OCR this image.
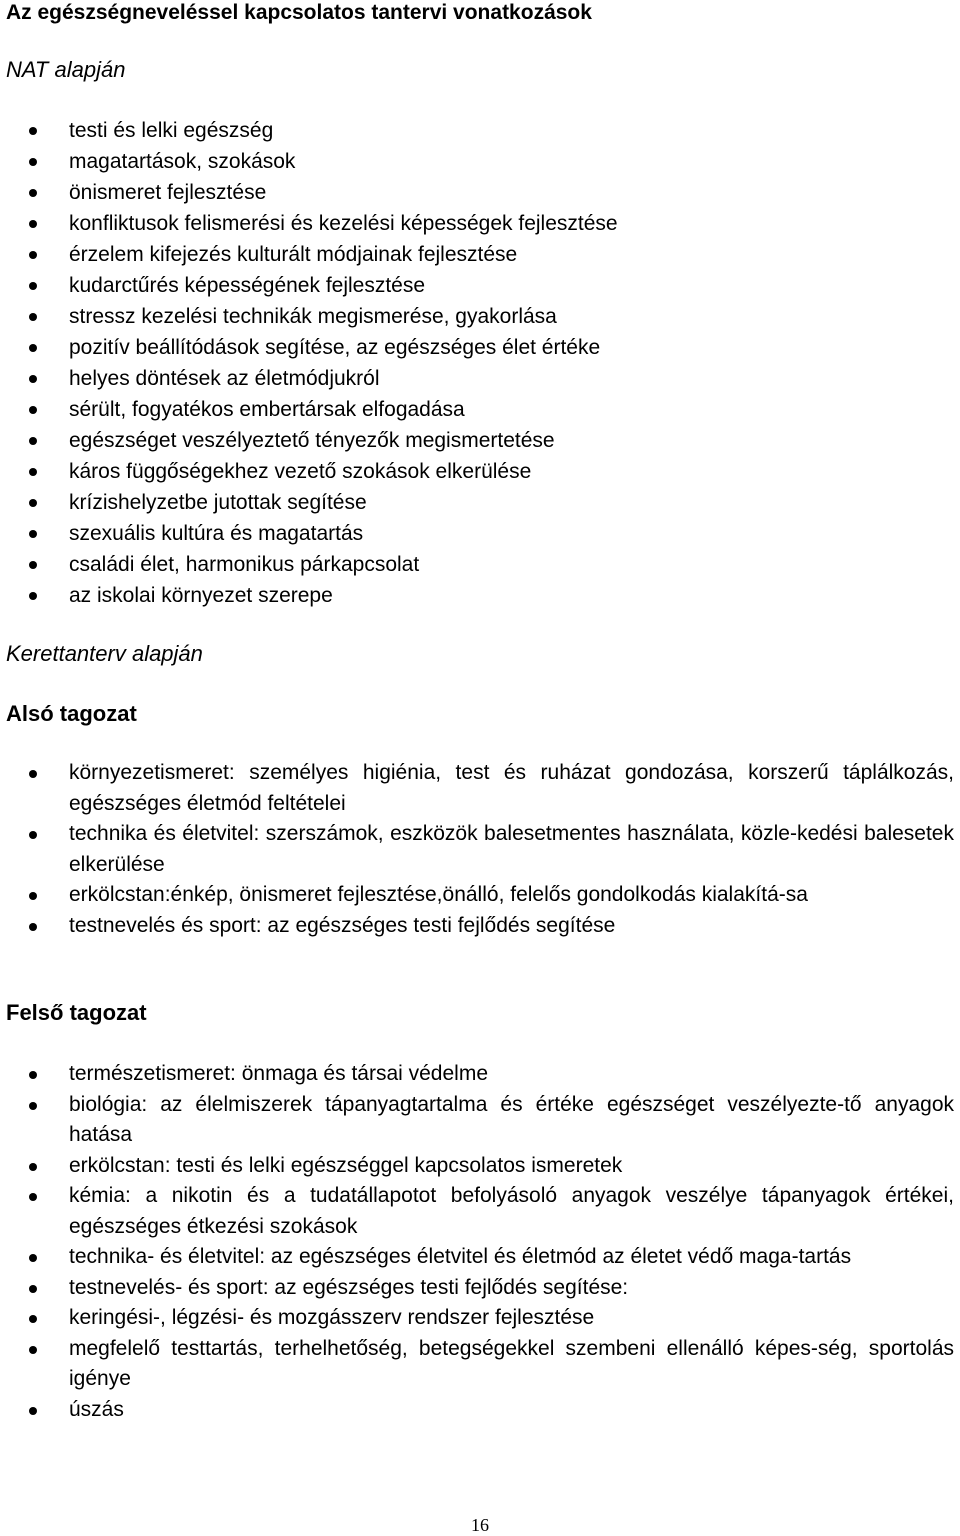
Az egészségneveléssel kapcsolatos tantervi vonatkozások
NAT alapján
testi és lelki egészség
magatartások, szokások
önismeret fejlesztése
konfliktusok felismerési és kezelési képességek fejlesztése
érzelem kifejezés kulturált módjainak fejlesztése
kudarctűrés képességének fejlesztése
stressz kezelési technikák megismerése, gyakorlása
pozitív beállítódások segítése, az egészséges élet értéke
helyes döntések az életmódjukról
sérült, fogyatékos embertársak elfogadása
egészséget veszélyeztető tényezők megismertetése
káros függőségekhez vezető szokások elkerülése
krízishelyzetbe jutottak segítése
szexuális kultúra és magatartás
családi élet, harmonikus párkapcsolat
az iskolai környezet szerepe
Kerettanterv alapján
Alsó tagozat
környezetismeret: személyes higiénia, test és ruházat gondozása, korszerű táplálkozás, egészséges életmód feltételei
technika és életvitel: szerszámok, eszközök balesetmentes használata, közle-kedési balesetek elkerülése
erkölcstan:énkép, önismeret fejlesztése,önálló, felelős gondolkodás kialakítá-sa
testnevelés és sport: az egészséges testi fejlődés segítése
Felső tagozat
természetismeret: önmaga és társai védelme
biológia: az élelmiszerek tápanyagtartalma és értéke egészséget veszélyezte-tő anyagok hatása
erkölcstan: testi és lelki egészséggel kapcsolatos ismeretek
kémia: a nikotin és a tudatállapotot befolyásoló anyagok veszélye tápanyagok értékei, egészséges étkezési szokások
technika- és életvitel: az egészséges életvitel és életmód az életet védő maga-tartás
testnevelés- és sport: az egészséges testi fejlődés segítése:
keringési-, légzési- és mozgásszerv rendszer fejlesztése
megfelelő testtartás, terhelhetőség, betegségekkel szembeni ellenálló képes-ség, sportolás igénye
úszás
16
